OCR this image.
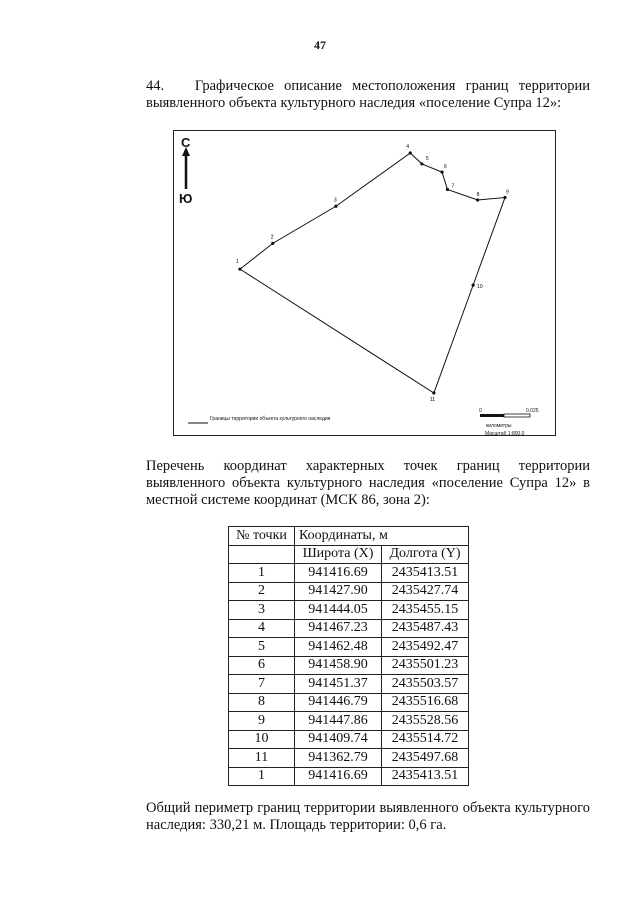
47
44. Графическое описание местоположения границ территории выявленного объекта культурного наследия «поселение Супра 12»:
1
2
3
4
5
6
7
8	9
10
11
С
Ю
Границы территории объекта культурного наследия
0	0.025
километры
Масштаб 1:800.0
Перечень координат характерных точек границ территории выявленного объекта культурного наследия «поселение Супра 12» в местной системе координат (МСК 86, зона 2):
№ точки	Координаты, м	
	Широта (X)	Долгота (Y)
1	941416.69	2435413.51
2	941427.90	2435427.74
3	941444.05	2435455.15
4	941467.23	2435487.43
5	941462.48	2435492.47
6	941458.90	2435501.23
7	941451.37	2435503.57
8	941446.79	2435516.68
9	941447.86	2435528.56
10	941409.74	2435514.72
11	941362.79	2435497.68
1	941416.69	2435413.51
Общий периметр границ территории выявленного объекта культурного наследия: 330,21 м. Площадь территории: 0,6 га.
